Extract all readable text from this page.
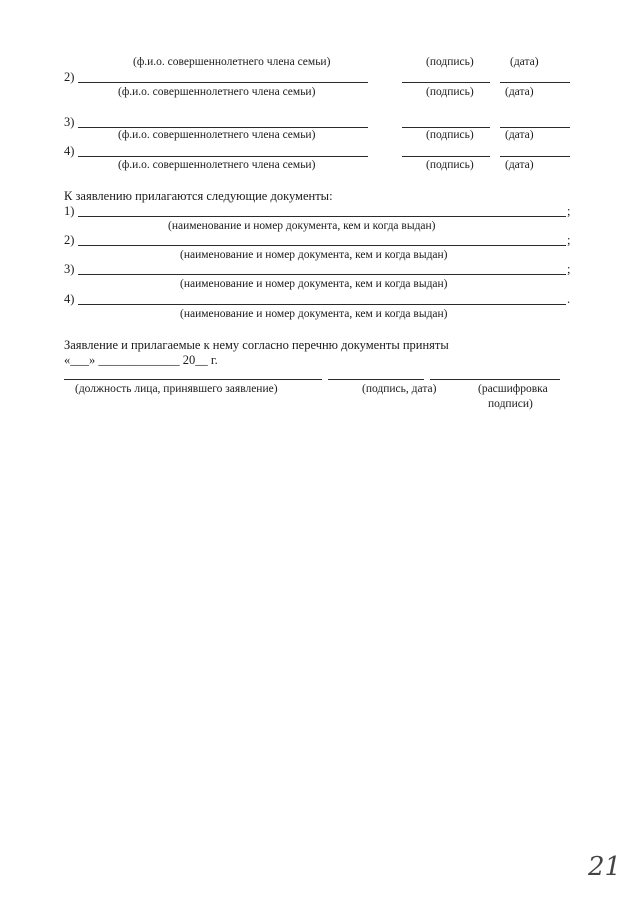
(ф.и.о. совершеннолетнего члена семьи)	(подпись)	(дата)
2)
(ф.и.о. совершеннолетнего члена семьи)	(подпись)	(дата)
3)
(ф.и.о. совершеннолетнего члена семьи)	(подпись)	(дата)
4)
(ф.и.о. совершеннолетнего члена семьи)	(подпись)	(дата)
К заявлению прилагаются следующие документы:
1)	;
(наименование и номер документа, кем и когда выдан)
2)	;
(наименование и номер документа, кем и когда выдан)
3)	;
(наименование и номер документа, кем и когда выдан)
4)	.
(наименование и номер документа, кем и когда выдан)
Заявление и прилагаемые к нему согласно перечню документы приняты
«___» _____________ 20__ г.
(должность лица, принявшего заявление)	(подпись, дата)	(расшифровка
подписи)
21
